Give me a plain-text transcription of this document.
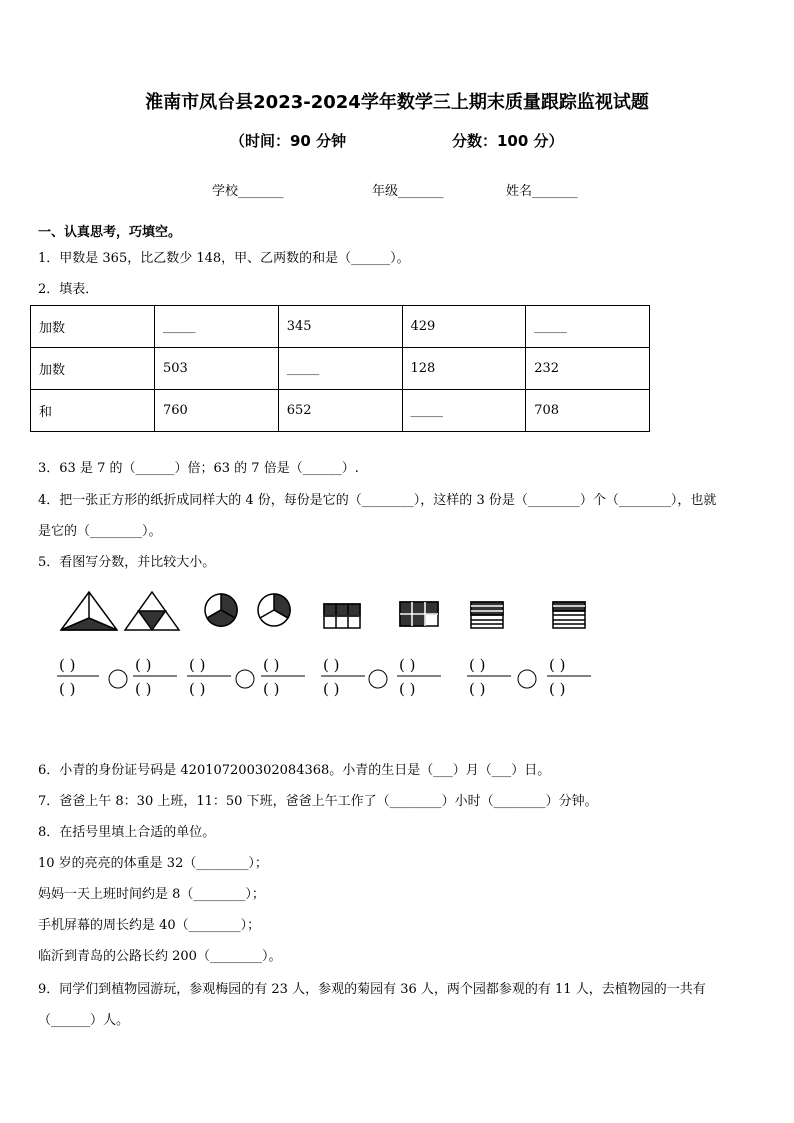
淮南市凤台县2023-2024学年数学三上期末质量跟踪监视试题
（时间：90 分钟	分数：100 分）
学校_______	年级_______	姓名_______
一、认真思考，巧填空。
1．甲数是 365，比乙数少 148，甲、乙两数的和是（______）。
2．填表．
加数	_____	345	429	_____
加数	503	_____	128	232
和	760	652	_____	708
3．63 是 7 的（______）倍；63 的 7 倍是（______）.
4．把一张正方形的纸折成同样大的 4 份，每份是它的（________），这样的 3 份是（________）个（________），也就
是它的（________）。
5．看图写分数，并比较大小。
( )
( )
( )
( )
( )
( )
( )
( )
( )
( )
( )
( )
( )
( )
( )
( )
6．小青的身份证号码是 420107200302084368。小青的生日是（___）月（___）日。
7．爸爸上午 8：30 上班，11：50 下班，爸爸上午工作了（________）小时（________）分钟。
8．在括号里填上合适的单位。
10 岁的亮亮的体重是 32（________）；
妈妈一天上班时间约是 8（________）；
手机屏幕的周长约是 40（________）；
临沂到青岛的公路长约 200（________）。
9．同学们到植物园游玩，参观梅园的有 23 人，参观的菊园有 36 人，两个园都参观的有 11 人，去植物园的一共有
（______）人。
